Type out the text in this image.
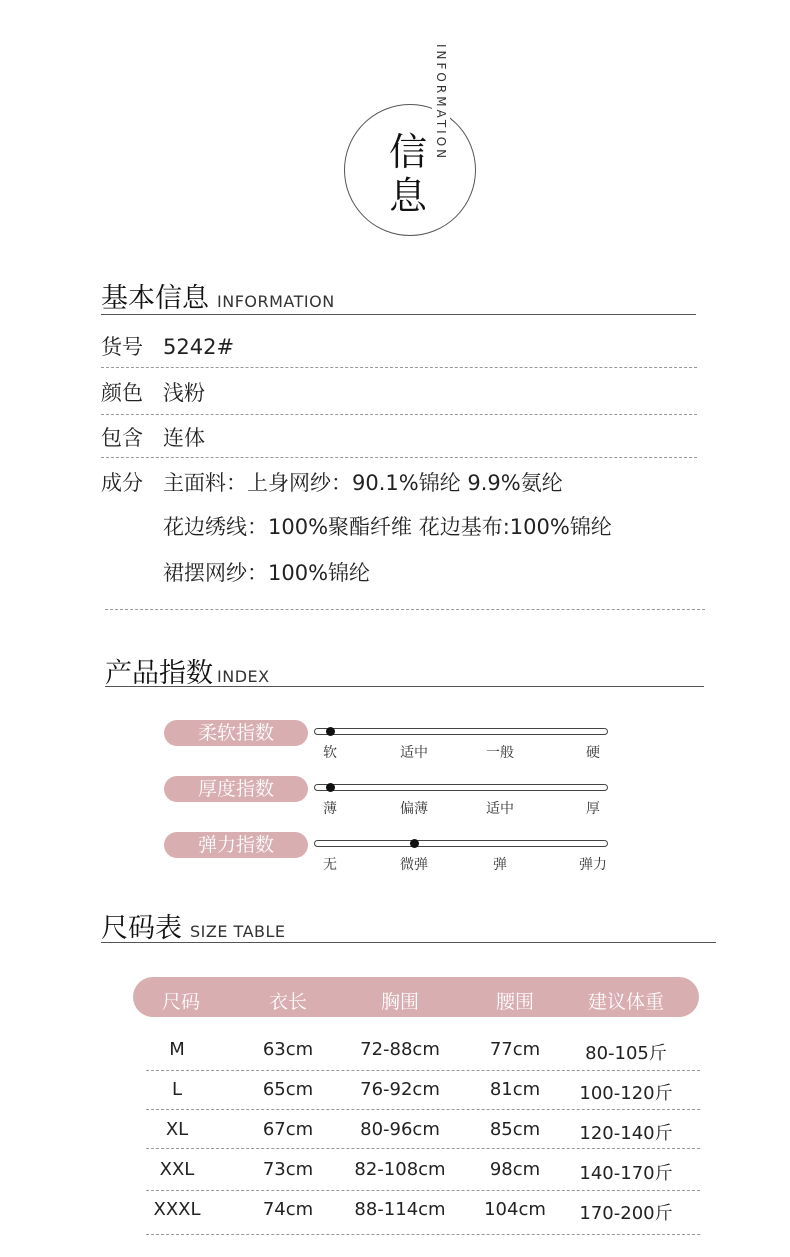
信
息
INFORMATION
基本信息 INFORMATION
货号 5242#
颜色 浅粉
包含 连体
成分 主面料：上身网纱：90.1%锦纶 9.9%氨纶
花边绣线：100%聚酯纤维 花边基布:100%锦纶
裙摆网纱：100%锦纶
产品指数 INDEX
柔软指数
软	适中	一般	硬
厚度指数
薄	偏薄	适中	厚
弹力指数
无	微弹	弹	弹力
尺码表 SIZE TABLE
尺码	衣长	胸围	腰围	建议体重
M	63cm	72-88cm	77cm 80-105斤
L	65cm	76-92cm	81cm 100-120斤
XL	67cm	80-96cm	85cm 120-140斤
XXL	73cm 82-108cm 98cm 140-170斤
XXXL	74cm 88-114cm 104cm 170-200斤
